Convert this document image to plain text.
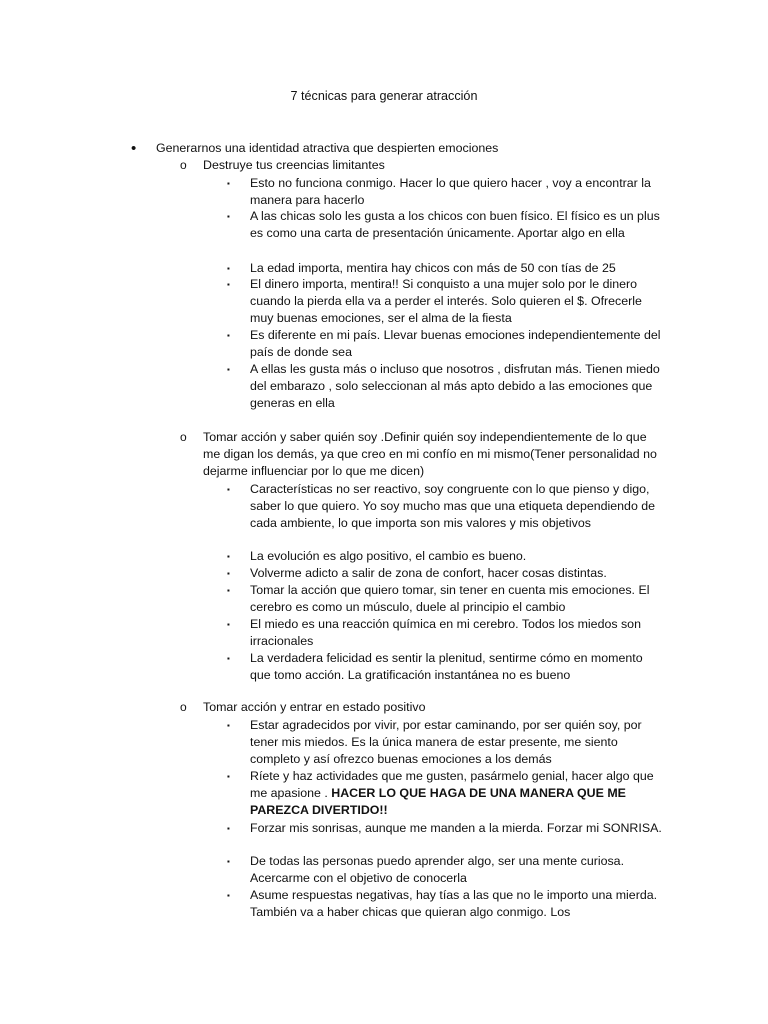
7 técnicas para generar atracción
• Generarnos una identidad atractiva que despierten emociones
o Destruye tus creencias limitantes
▪ Esto no funciona conmigo. Hacer lo que quiero hacer , voy a encontrar la manera para hacerlo
▪ A las chicas solo les gusta a los chicos con buen físico. El físico es un plus es como una carta de presentación únicamente. Aportar algo en ella
▪ La edad importa, mentira hay chicos con más de 50 con tías de 25
▪ El dinero importa, mentira!! Si conquisto a una mujer solo por le dinero cuando la pierda ella va a perder el interés. Solo quieren el $. Ofrecerle muy buenas emociones, ser el alma de la fiesta
▪ Es diferente en mi país. Llevar buenas emociones independientemente del país de donde sea
▪ A ellas les gusta más o incluso que nosotros , disfrutan más. Tienen miedo del embarazo , solo seleccionan al más apto debido a las emociones que generas en ella
o Tomar acción y saber quién soy .Definir quién soy independientemente de lo que me digan los demás, ya que creo en mi confío en mi mismo(Tener personalidad no dejarme influenciar por lo que me dicen)
▪ Características no ser reactivo, soy congruente con lo que pienso y digo, saber lo que quiero. Yo soy mucho mas que una etiqueta dependiendo de cada ambiente, lo que importa son mis valores y mis objetivos
▪ La evolución es algo positivo, el cambio es bueno.
▪ Volverme adicto a salir de zona de confort, hacer cosas distintas.
▪ Tomar la acción que quiero tomar, sin tener en cuenta mis emociones. El cerebro es como un músculo, duele al principio el cambio
▪ El miedo es una reacción química en mi cerebro. Todos los miedos son irracionales
▪ La verdadera felicidad es sentir la plenitud, sentirme cómo en momento que tomo acción. La gratificación instantánea no es bueno
o Tomar acción y entrar en estado positivo
▪ Estar agradecidos por vivir, por estar caminando, por ser quién soy, por tener mis miedos. Es la única manera de estar presente, me siento completo y así ofrezco buenas emociones a los demás
▪ Ríete y haz actividades que me gusten, pasármelo genial, hacer algo que me apasione . HACER LO QUE HAGA DE UNA MANERA QUE ME PAREZCA DIVERTIDO!!
▪ Forzar mis sonrisas, aunque me manden a la mierda. Forzar mi SONRISA.
▪ De todas las personas puedo aprender algo, ser una mente curiosa. Acercarme con el objetivo de conocerla
▪ Asume respuestas negativas, hay tías a las que no le importo una mierda. También va a haber chicas que quieran algo conmigo. Los
